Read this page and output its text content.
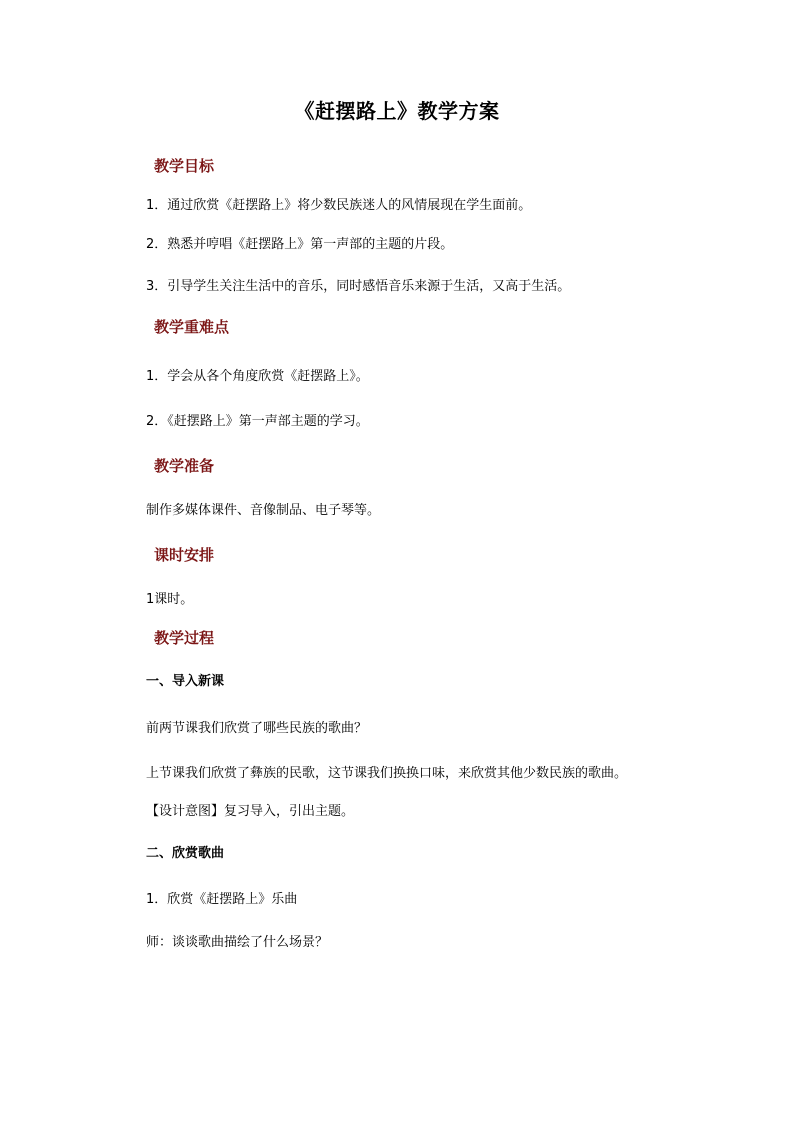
《赶摆路上》教学方案
教学目标
1．通过欣赏《赶摆路上》将少数民族迷人的风情展现在学生面前。
2．熟悉并哼唱《赶摆路上》第一声部的主题的片段。
3．引导学生关注生活中的音乐，同时感悟音乐来源于生活，又高于生活。
教学重难点
1．学会从各个角度欣赏《赶摆路上》。
2．《赶摆路上》第一声部主题的学习。
教学准备
制作多媒体课件、音像制品、电子琴等。
课时安排
1课时。
教学过程
一、导入新课
前两节课我们欣赏了哪些民族的歌曲？
上节课我们欣赏了彝族的民歌，这节课我们换换口味，来欣赏其他少数民族的歌曲。
【设计意图】复习导入，引出主题。
二、欣赏歌曲
1．欣赏《赶摆路上》乐曲
师：谈谈歌曲描绘了什么场景？
